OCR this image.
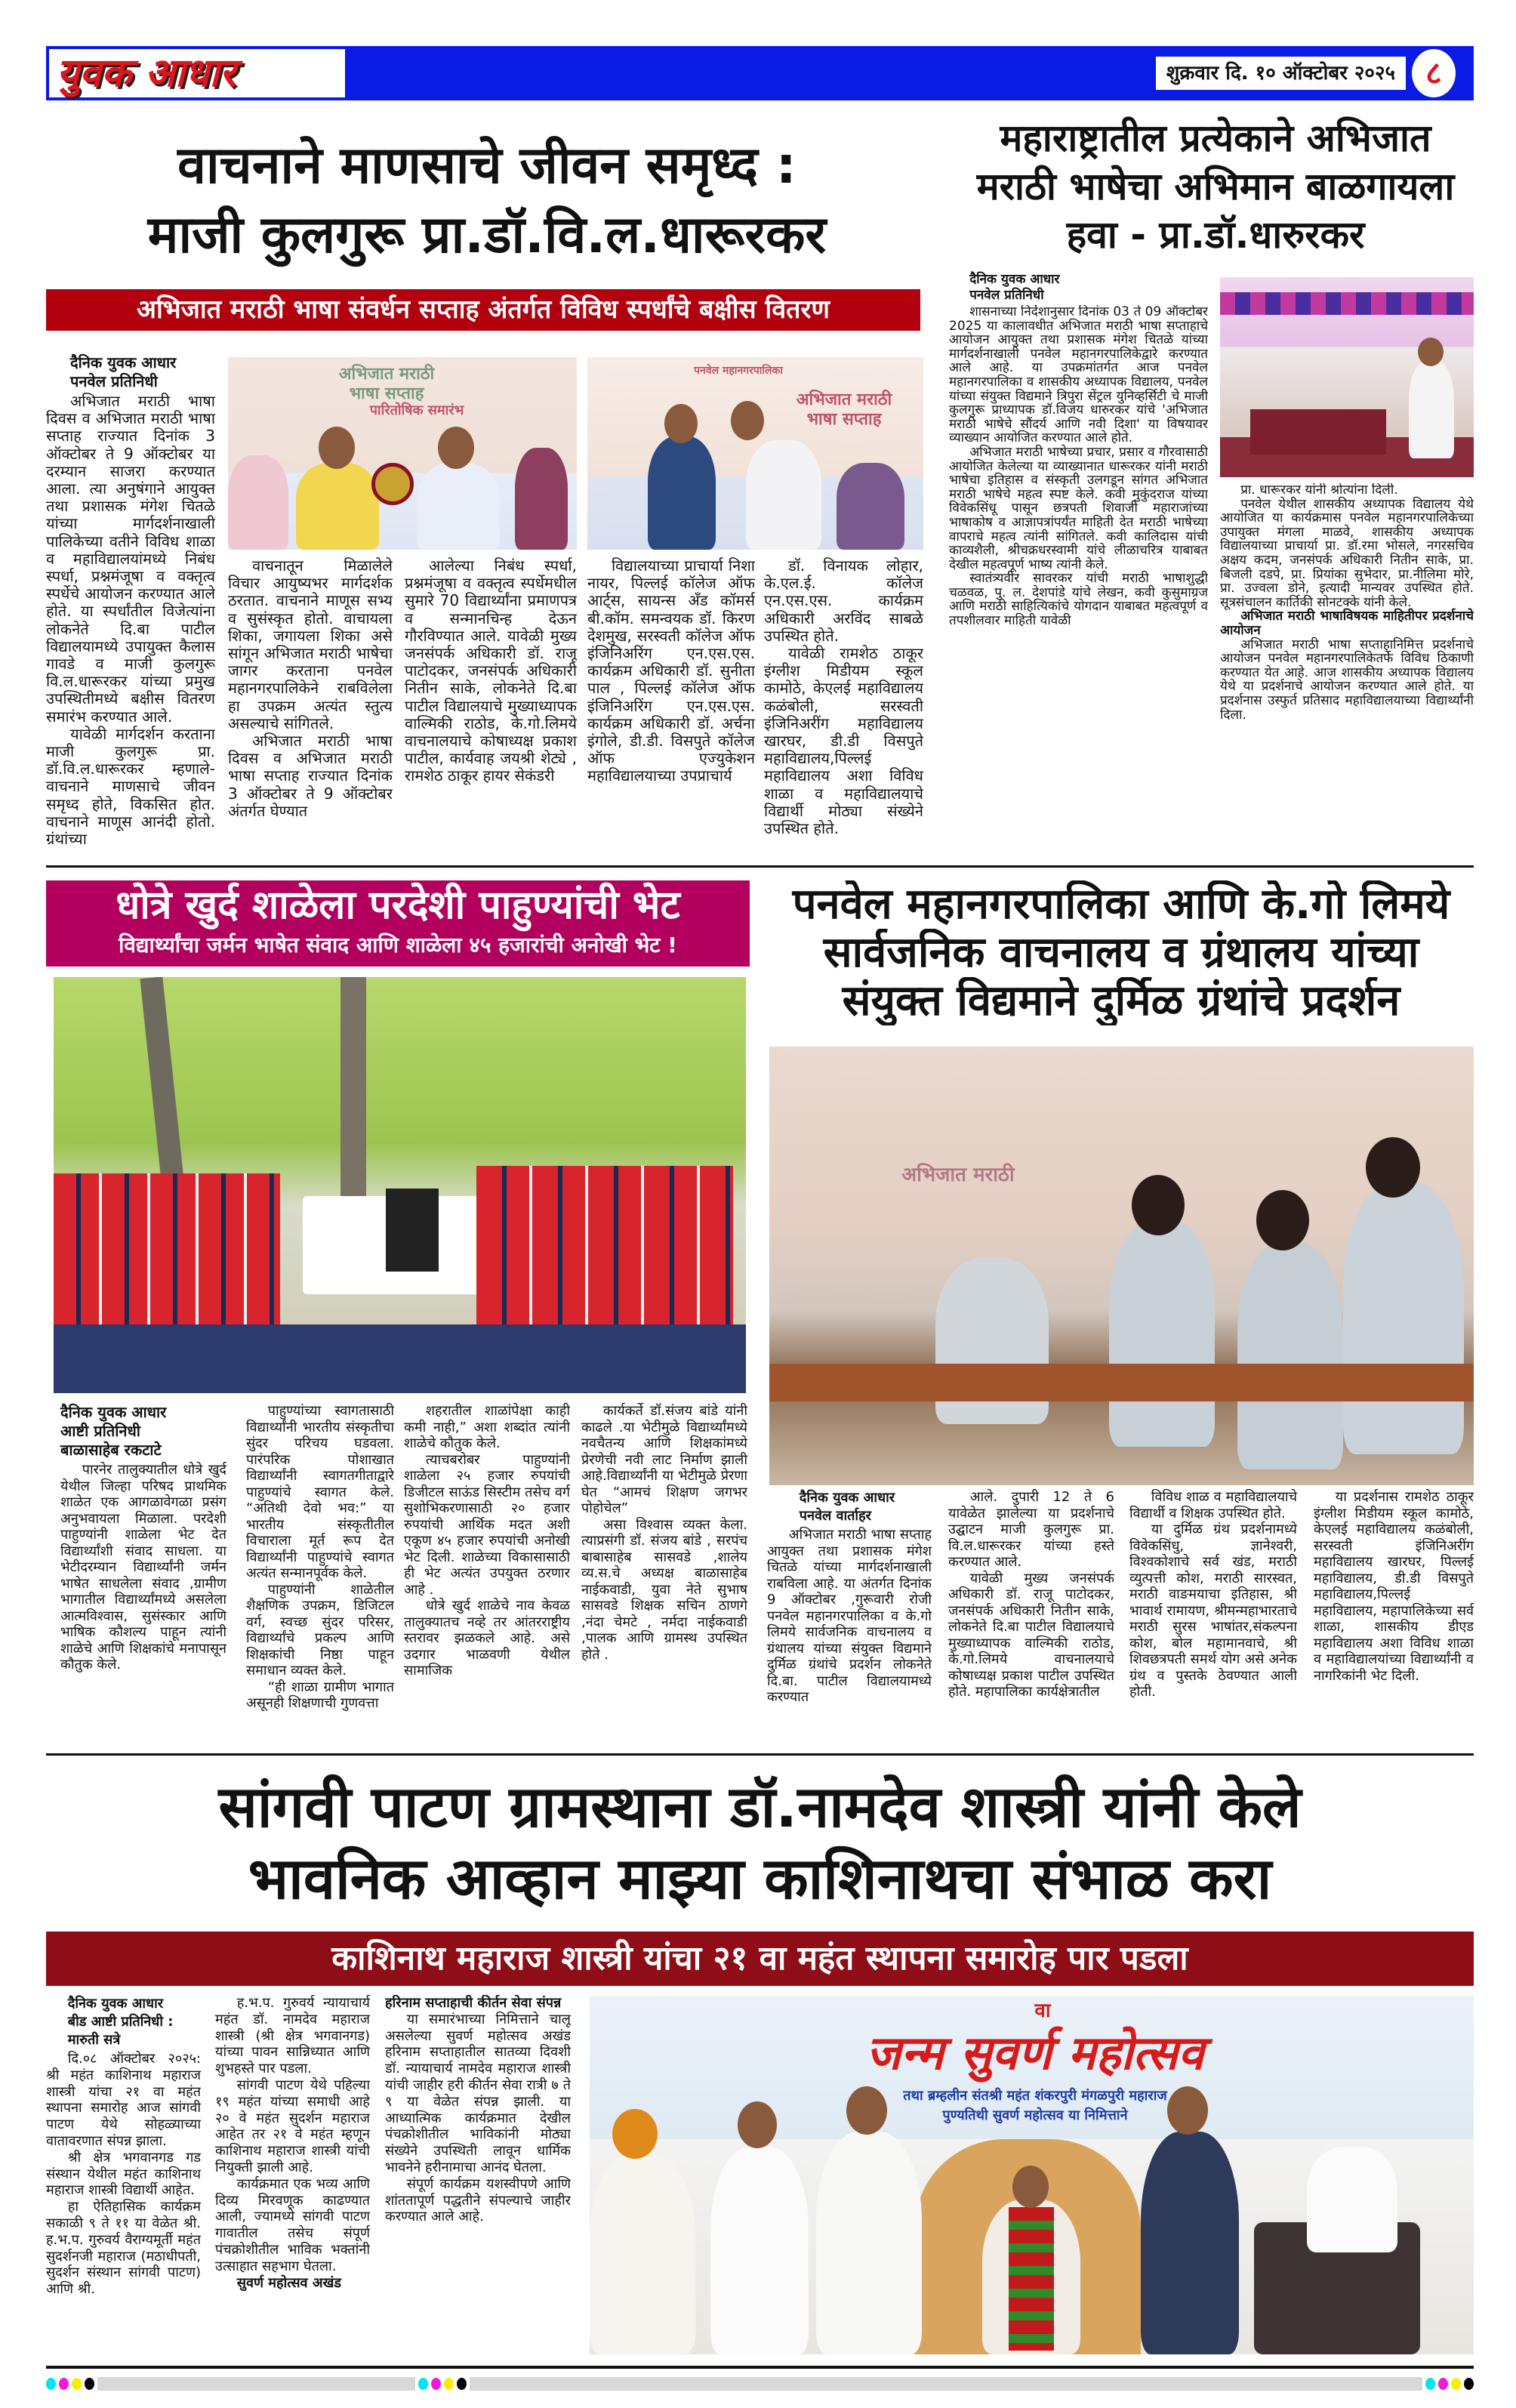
युवक आधार	शुक्रवार दि. १० ऑक्टोबर २०२५ ८
वाचनाने माणसाचे जीवन समृध्द :
माजी कुलगुरू प्रा.डॉ.वि.ल.धारूरकर
अभिजात मराठी भाषा संवर्धन सप्ताह अंतर्गत विविध स्पर्धांचे बक्षीस वितरण
दैनिक युवक आधार
पनवेल प्रतिनिधी

अभिजात मराठी भाषा दिवस व अभिजात मराठी भाषा सप्ताह राज्यात दिनांक 3 ऑक्टोबर ते 9 ऑक्टोबर या दरम्यान साजरा करण्यात आला. त्या अनुषंगाने आयुक्त तथा प्रशासक मंगेश चितळे यांच्या मार्गदर्शनाखाली पालिकेच्या वतीने विविध शाळा व महाविद्यालयांमध्ये निबंध स्पर्धा, प्रश्नमंजूषा व वक्तृत्व स्पर्धेचे आयोजन करण्यात आले होते. या स्पर्धांतील विजेत्यांना लोकनेते दि.बा पाटील विद्यालयामध्ये उपायुक्त कैलास गावडे व माजी कुलगुरू वि.ल.धारूरकर यांच्या प्रमुख उपस्थितीमध्ये बक्षीस वितरण समारंभ करण्यात आले.

यावेळी मार्गदर्शन करताना माजी कुलगुरू प्रा. डॉ.वि.ल.धारूरकर म्हणाले- वाचनाने माणसाचे जीवन समृध्द होते, विकसित होत. वाचनाने माणूस आनंदी होतो. ग्रंथांच्या

अभिजात मराठी
भाषा सप्ताह
पारितोषिक समारंभ
पनवेल महानगरपालिका
अभिजात मराठी
भाषा सप्ताह

वाचनातून मिळालेले विचार आयुष्यभर मार्गदर्शक ठरतात. वाचनाने माणूस सभ्य व सुसंस्कृत होतो. वाचायला शिका, जगायला शिका असे सांगून अभिजात मराठी भाषेचा जागर करताना पनवेल महानगरपालिकेने राबविलेला हा उपक्रम अत्यंत स्तुत्य असल्याचे सांगितले.

अभिजात मराठी भाषा दिवस व अभिजात मराठी भाषा सप्ताह राज्यात दिनांक 3 ऑक्टोबर ते 9 ऑक्टोबर अंतर्गत घेण्यात

आलेल्या निबंध स्पर्धा, प्रश्नमंजूषा व वक्तृत्व स्पर्धेमधील सुमारे 70 विद्यार्थ्यांना प्रमाणपत्र व सन्मानचिन्ह देऊन गौरविण्यात आले. यावेळी मुख्य जनसंपर्क अधिकारी डॉ. राजू पाटोदकर, जनसंपर्क अधिकारी नितीन साके, लोकनेते दि.बा पाटील विद्यालयाचे मुख्याध्यापक वाल्मिकी राठोड, के.गो.लिमये वाचनालयाचे कोषाध्यक्ष प्रकाश पाटील, कार्यवाह जयश्री शेट्ये , रामशेठ ठाकूर हायर सेकंडरी

विद्यालयाच्या प्राचार्या निशा नायर, पिल्लई कॉलेज ऑफ आर्ट्स, सायन्स अँड कॉमर्स बी.कॉम. समन्वयक डॉ. किरण देशमुख, सरस्वती कॉलेज ऑफ इंजिनिअरिंग एन.एस.एस. कार्यक्रम अधिकारी डॉ. सुनीता पाल , पिल्लई कॉलेज ऑफ इंजिनिअरिंग एन.एस.एस. कार्यक्रम अधिकारी डॉ. अर्चना इंगोले, डी.डी. विसपुते कॉलेज ऑफ एज्युकेशन महाविद्यालयाच्या उपप्राचार्य

डॉ. विनायक लोहार, के.एल.ई. कॉलेज एन.एस.एस. कार्यक्रम अधिकारी अरविंद साबळे उपस्थित होते.

यावेळी रामशेठ ठाकूर इंग्लीश मिडीयम स्कूल कामोठे, केएलई महाविद्यालय कळंबोली, सरस्वती इंजिनिअरींग महाविद्यालय खारघर, डी.डी विसपुते महाविद्यालय,पिल्लई महाविद्यालय अशा विविध शाळा व महाविद्यालयाचे विद्यार्थी मोठ्या संख्येने उपस्थित होते.

महाराष्ट्रातील प्रत्येकाने अभिजात
मराठी भाषेचा अभिमान बाळगायला
हवा - प्रा.डॉ.धारुरकर
दैनिक युवक आधार
पनवेल प्रतिनिधी

शासनाच्या निर्देशानुसार दिनांक 03 ते 09 ऑक्टोबर 2025 या कालावधीत अभिजात मराठी भाषा सप्ताहाचे आयोजन आयुक्त तथा प्रशासक मंगेश चितळे यांच्या मार्गदर्शनाखाली पनवेल महानगरपालिकेद्वारे करण्यात आले आहे. या उपक्रमांतर्गत आज पनवेल महानगरपालिका व शासकीय अध्यापक विद्यालय, पनवेल यांच्या संयुक्त विद्यमाने त्रिपुरा सेंट्रल युनिव्हर्सिटी चे माजी कुलगुरू प्राध्यापक डॉ.विजय धारुरकर यांचे 'अभिजात मराठी भाषेचे सौंदर्य आणि नवी दिशा' या विषयावर व्याख्यान आयोजित करण्यात आले होते.

अभिजात मराठी भाषेच्या प्रचार, प्रसार व गौरवासाठी आयोजित केलेल्या या व्याख्यानात धारूरकर यांनी मराठी भाषेचा इतिहास व संस्कृती उलगडून सांगत अभिजात मराठी भाषेचे महत्व स्पष्ट केले. कवी मुकुंदराज यांच्या विवेकसिंधू पासून छत्रपती शिवाजी महाराजांच्या भाषाकोष व आज्ञापत्रांपर्यंत माहिती देत मराठी भाषेच्या वापराचे महत्व त्यांनी सांगितले. कवी कालिदास यांची काव्यशैली, श्रीचक्रधरस्वामी यांचे लीळाचरित्र याबाबत देखील महत्वपूर्ण भाष्य त्यांनी केले.

स्वातंत्र्यवीर सावरकर यांची मराठी भाषाशुद्धी चळवळ, पु. ल. देशपांडे यांचे लेखन, कवी कुसुमाग्रज आणि मराठी साहित्यिकांचे योगदान याबाबत महत्वपूर्ण व तपशीलवार माहिती यावेळी

प्रा. धारूरकर यांनी श्रोत्यांना दिली.

पनवेल येथील शासकीय अध्यापक विद्यालय येथे आयोजित या कार्यक्रमास पनवेल महानगरपालिकेच्या उपायुक्त मंगला माळवे, शासकीय अध्यापक विद्यालयाच्या प्राचार्या प्रा. डॉ.रमा भोसले, नगरसचिव अक्षय कदम, जनसंपर्क अधिकारी नितीन साके, प्रा. बिजली दडपे, प्रा. प्रियांका सुभेदार, प्रा.नीलिमा मोरे, प्रा. उज्वला डोने, इत्यादी मान्यवर उपस्थित होते. सूत्रसंचालन कार्तिकी सोनटक्के यांनी केले.

अभिजात मराठी भाषाविषयक माहितीपर प्रदर्शनाचे आयोजन

अभिजात मराठी भाषा सप्ताहानिमित्त प्रदर्शनाचे आयोजन पनवेल महानगरपालिकेतर्फे विविध ठिकाणी करण्यात येत आहे. आज शासकीय अध्यापक विद्यालय येथे या प्रदर्शनाचे आयोजन करण्यात आले होते. या प्रदर्शनास उस्फुर्त प्रतिसाद महाविद्यालयाच्या विद्यार्थ्यांनी दिला.

धोत्रे खुर्द शाळेला परदेशी पाहुण्यांची भेट
विद्यार्थ्यांचा जर्मन भाषेत संवाद आणि शाळेला ४५ हजारांची अनोखी भेट !
दैनिक युवक आधार
आष्टी प्रतिनिधी
बाळासाहेब रकटाटे

पारनेर तालुक्यातील धोत्रे खुर्द येथील जिल्हा परिषद प्राथमिक शाळेत एक आगळावेगळा प्रसंग अनुभवायला मिळाला. परदेशी पाहुण्यांनी शाळेला भेट देत विद्यार्थ्यांशी संवाद साधला. या भेटीदरम्यान विद्यार्थ्यांनी जर्मन भाषेत साधलेला संवाद ,ग्रामीण भागातील विद्यार्थ्यांमध्ये असलेला आत्मविश्वास, सुसंस्कार आणि भाषिक कौशल्य पाहून त्यांनी शाळेचे आणि शिक्षकांचे मनापासून कौतुक केले.

पाहुण्यांच्या स्वागतासाठी विद्यार्थ्यांनी भारतीय संस्कृतीचा सुंदर परिचय घडवला. पारंपरिक पोशाखात विद्यार्थ्यांनी स्वागतगीताद्वारे पाहुण्यांचे स्वागत केले. “अतिथी देवो भव:” या भारतीय संस्कृतीतील विचाराला मूर्त रूप देत विद्यार्थ्यांनी पाहुण्यांचे स्वागत अत्यंत सन्मानपूर्वक केले.

पाहुण्यांनी शाळेतील शैक्षणिक उपक्रम, डिजिटल वर्ग, स्वच्छ सुंदर परिसर, विद्यार्थ्यांचे प्रकल्प आणि शिक्षकांची निष्ठा पाहून समाधान व्यक्त केले.

“ही शाळा ग्रामीण भागात असूनही शिक्षणाची गुणवत्ता

शहरातील शाळांपेक्षा काही कमी नाही,” अशा शब्दांत त्यांनी शाळेचे कौतुक केले.

त्याचबरोबर पाहुण्यांनी शाळेला २५ हजार रुपयांची डिजीटल साऊंड सिस्टीम तसेच वर्ग सुशोभिकरणासाठी २० हजार रुपयांची आर्थिक मदत अशी एकूण ४५ हजार रुपयांची अनोखी भेट दिली. शाळेच्या विकासासाठी ही भेट अत्यंत उपयुक्त ठरणार आहे .

धोत्रे खुर्द शाळेचे नाव केवळ तालुक्यातच नव्हे तर आंतरराष्ट्रीय स्तरावर झळकले आहे. असे उदगार भाळवणी येथील सामाजिक

कार्यकर्ते डॉ.संजय बांडे यांनी काढले .या भेटीमुळे विद्यार्थ्यांमध्ये नवचैतन्य आणि शिक्षकांमध्ये प्रेरणेची नवी लाट निर्माण झाली आहे.विद्यार्थ्यांनी या भेटीमुळे प्रेरणा घेत “आमचं शिक्षण जगभर पोहोचेल”

असा विश्वास व्यक्त केला. त्याप्रसंगी डॉ. संजय बांडे , सरपंच बाबासाहेब सासवडे ,शालेय व्य.स.चे अध्यक्ष बाळासाहेब नाईकवाडी, युवा नेते सुभाष सासवडे शिक्षक सचिन ठाणगे ,नंदा चेमटे , नर्मदा नाईकवाडी ,पालक आणि ग्रामस्थ उपस्थित होते .

पनवेल महानगरपालिका आणि के.गो लिमये
सार्वजनिक वाचनालय व ग्रंथालय यांच्या
संयुक्त विद्यमाने दुर्मिळ ग्रंथांचे प्रदर्शन
अभिजात मराठी
दैनिक युवक आधार
पनवेल वार्ताहर

अभिजात मराठी भाषा सप्ताह आयुक्त तथा प्रशासक मंगेश चितळे यांच्या मार्गदर्शनाखाली राबविला आहे. या अंतर्गत दिनांक 9 ऑक्टोबर ,गुरूवारी रोजी पनवेल महानगरपालिका व के.गो लिमये सार्वजनिक वाचनालय व ग्रंथालय यांच्या संयुक्त विद्यमाने दुर्मिळ ग्रंथांचे प्रदर्शन लोकनेते दि.बा. पाटील विद्यालयामध्ये करण्यात

आले. दुपारी 12 ते 6 यावेळेत झालेल्या या प्रदर्शनाचे उद्घाटन माजी कुलगुरू प्रा. वि.ल.धारूरकर यांच्या हस्ते करण्यात आले.

यावेळी मुख्य जनसंपर्क अधिकारी डॉ. राजू पाटोदकर, जनसंपर्क अधिकारी नितीन साके, लोकनेते दि.बा पाटील विद्यालयाचे मुख्याध्यापक वाल्मिकी राठोड, के.गो.लिमये वाचनालयाचे कोषाध्यक्ष प्रकाश पाटील उपस्थित होते. महापालिका कार्यक्षेत्रातील

विविध शाळ व महाविद्यालयाचे विद्यार्थी व शिक्षक उपस्थित होते.

या दुर्मिळ ग्रंथ प्रदर्शनामध्ये विवेकसिंधु, ज्ञानेश्वरी, विश्वकोशाचे सर्व खंड, मराठी व्युत्पत्ती कोश, मराठी सारस्वत, मराठी वाङमयाचा इतिहास, श्री भावार्थ रामायण, श्रीमन्महाभारताचे मराठी सुरस भाषांतर,संकल्पना कोश, बोल महामानवाचे, श्री शिवछत्रपती समर्थ योग असे अनेक ग्रंथ व पुस्तके ठेवण्यात आली होती.

या प्रदर्शनास रामशेठ ठाकूर इंग्लीश मिडीयम स्कूल कामोठे, केएलई महाविद्यालय कळंबोली, सरस्वती इंजिनिअरींग महाविद्यालय खारघर, पिल्लई महाविद्यालय, डी.डी विसपुते महाविद्यालय,पिल्लई महाविद्यालय, महापालिकेच्या सर्व शाळा, शासकीय डीएड महाविद्यालय अशा विविध शाळा व महाविद्यालयांच्या विद्यार्थ्यांनी व नागरिकांनी भेट दिली.

सांगवी पाटण ग्रामस्थाना डॉ.नामदेव शास्त्री यांनी केले
भावनिक आव्हान माझ्या काशिनाथचा संभाळ करा
काशिनाथ महाराज शास्त्री यांचा २१ वा महंत स्थापना समारोह पार पडला
दैनिक युवक आधार
बीड आष्टी प्रतिनिधी :
मारुती सत्रे

दि.०८ ऑक्टोबर २०२५: श्री महंत काशिनाथ महाराज शास्त्री यांचा २१ वा महंत स्थापना समारोह आज सांगवी पाटण येथे सोहळ्याच्या वातावरणात संपन्न झाला.

श्री क्षेत्र भगवानगड गड संस्थान येथील महंत काशिनाथ महाराज शास्त्री विद्यार्थी आहेत.

हा ऐतिहासिक कार्यक्रम सकाळी ९ ते ११ या वेळेत श्री. ह.भ.प. गुरुवर्य वैराग्यमूर्ती महंत सुदर्शनजी महाराज (मठाधीपती, सुदर्शन संस्थान सांगवी पाटण) आणि श्री.

ह.भ.प. गुरुवर्य न्यायाचार्य महंत डॉ. नामदेव महाराज शास्त्री (श्री क्षेत्र भगवानगड) यांच्या पावन सान्निध्यात आणि शुभहस्ते पार पडला.

सांगवी पाटण येथे पहिल्या १९ महंत यांच्या समाधी आहे २० वे महंत सुदर्शन महाराज आहेत तर २१ वे महंत म्हणून काशिनाथ महाराज शास्त्री यांची नियुक्ती झाली आहे.

कार्यक्रमात एक भव्य आणि दिव्य मिरवणूक काढण्यात आली, ज्यामध्ये सांगवी पाटण गावातील तसेच संपूर्ण पंचक्रोशीतील भाविक भक्तांनी उत्साहात सहभाग घेतला.

सुवर्ण महोत्सव अखंड

हरिनाम सप्ताहाची कीर्तन सेवा संपन्न

या समारंभाच्या निमित्ताने चालू असलेल्या सुवर्ण महोत्सव अखंड हरिनाम सप्ताहातील सातव्या दिवशी डॉ. न्यायाचार्य नामदेव महाराज शास्त्री यांची जाहीर हरी कीर्तन सेवा रात्री ७ ते ९ या वेळेत संपन्न झाली. या आध्यात्मिक कार्यक्रमात देखील पंचक्रोशीतील भाविकांनी मोठ्या संख्येने उपस्थिती लावून धार्मिक भावनेने हरीनामाचा आनंद घेतला.

संपूर्ण कार्यक्रम यशस्वीपणे आणि शांततापूर्ण पद्धतीने संपल्याचे जाहीर करण्यात आले आहे.

वा
जन्म सुवर्ण महोत्सव
तथा ब्रम्हलीन संतश्री महंत शंकरपुरी मंगळपुरी महाराज
पुण्यतिथी सुवर्ण महोत्सव या निमित्ताने
